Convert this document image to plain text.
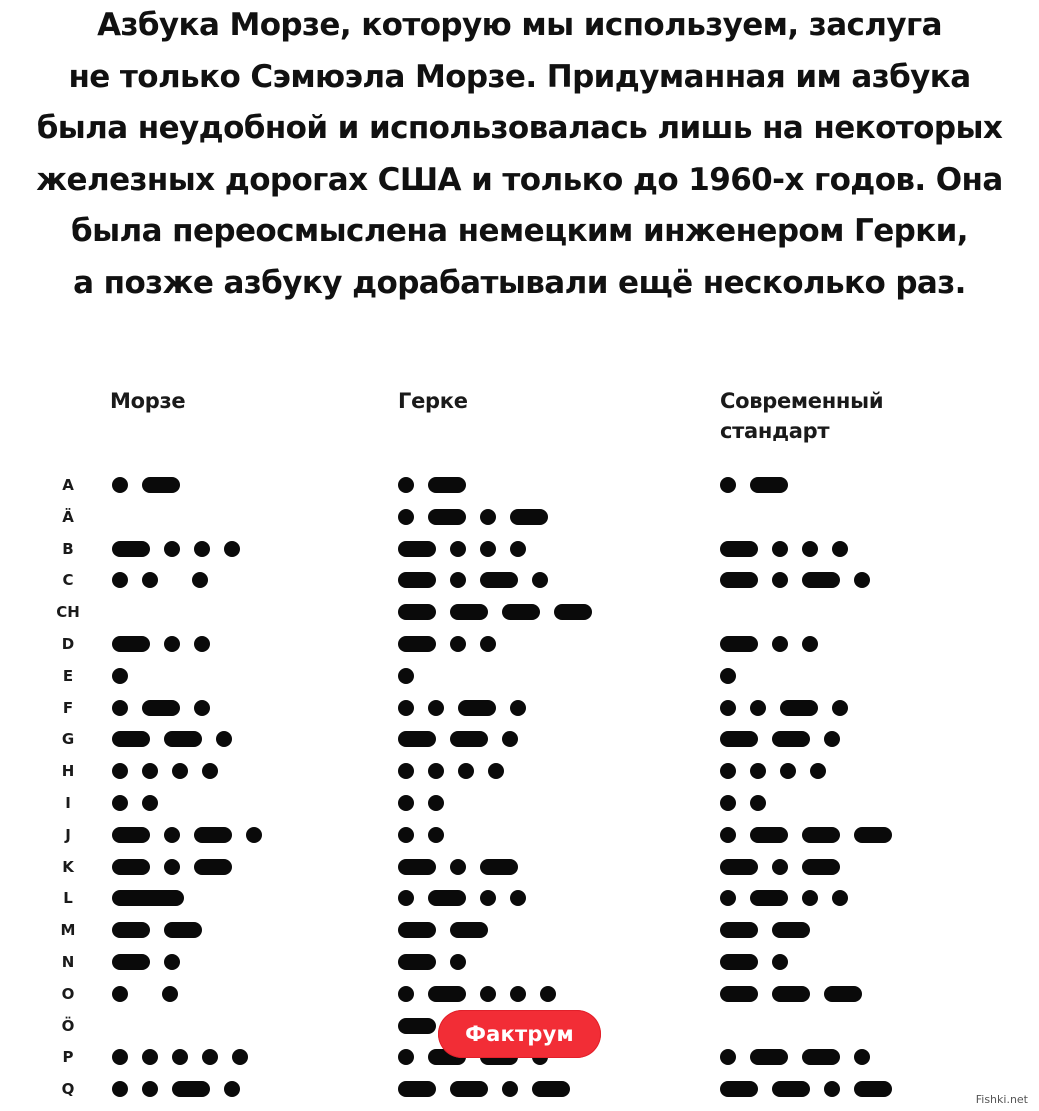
Азбука Морзе, которую мы используем, заслуга
не только Сэмюэла Морзе. Придуманная им азбука
была неудобной и использовалась лишь на некоторых
железных дорогах США и только до 1960-х годов. Она
была переосмыслена немецким инженером Герки,
а позже азбуку дорабатывали ещё несколько раз.
Морзе	Герке	Современный
стандарт
A
Ä
B
C
CH
D
E
F
G
H
I
J
K
L
M
N
O
Ö
P
Q
Фактрум
Fishki.net
